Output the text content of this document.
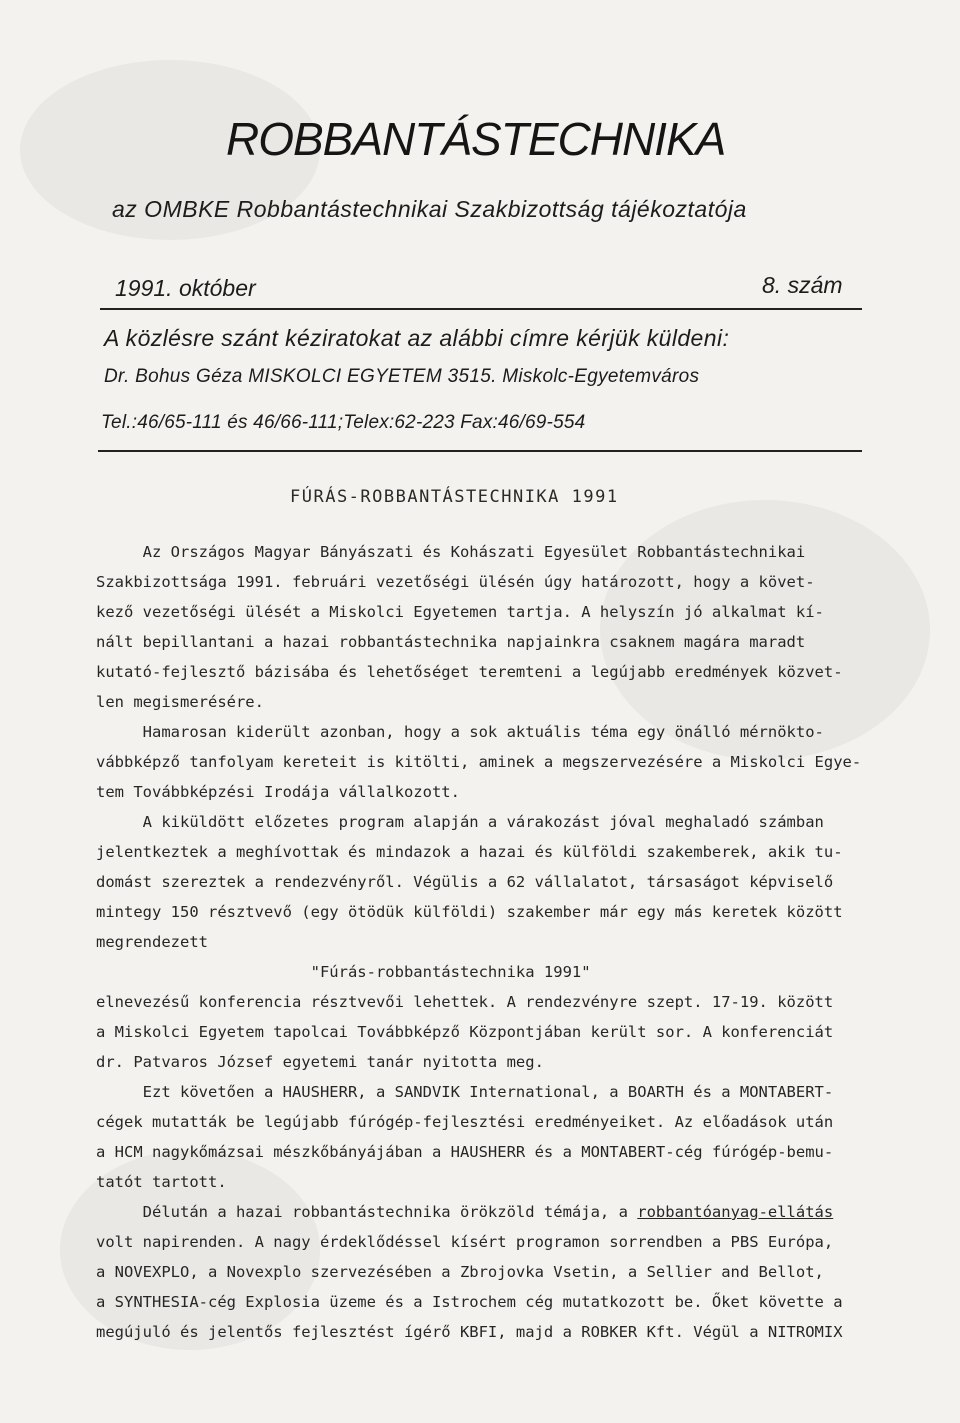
ROBBANTÁSTECHNIKA
az OMBKE Robbantástechnikai Szakbizottság tájékoztatója
1991. október	8. szám
A közlésre szánt kéziratokat az alábbi címre kérjük küldeni:
Dr. Bohus Géza MISKOLCI EGYETEM 3515. Miskolc-Egyetemváros
Tel.:46/65-111 és 46/66-111;Telex:62-223 Fax:46/69-554
FÚRÁS-ROBBANTÁSTECHNIKA 1991
Az Országos Magyar Bányászati és Kohászati Egyesület Robbantástechnikai
Szakbizottsága 1991. februári vezetőségi ülésén úgy határozott, hogy a követ-
kező vezetőségi ülését a Miskolci Egyetemen tartja. A helyszín jó alkalmat kí-
nált bepillantani a hazai robbantástechnika napjainkra csaknem magára maradt
kutató-fejlesztő bázisába és lehetőséget teremteni a legújabb eredmények közvet-
len megismerésére.
Hamarosan kiderült azonban, hogy a sok aktuális téma egy önálló mérnökto-
vábbképző tanfolyam kereteit is kitölti, aminek a megszervezésére a Miskolci Egye-
tem Továbbképzési Irodája vállalkozott.
A kiküldött előzetes program alapján a várakozást jóval meghaladó számban
jelentkeztek a meghívottak és mindazok a hazai és külföldi szakemberek, akik tu-
domást szereztek a rendezvényről. Végülis a 62 vállalatot, társaságot képviselő
mintegy 150 résztvevő (egy ötödük külföldi) szakember már egy más keretek között
megrendezett
"Fúrás-robbantástechnika 1991"
elnevezésű konferencia résztvevői lehettek. A rendezvényre szept. 17-19. között
a Miskolci Egyetem tapolcai Továbbképző Központjában került sor. A konferenciát
dr. Patvaros József egyetemi tanár nyitotta meg.
Ezt követően a HAUSHERR, a SANDVIK International, a BOARTH és a MONTABERT-
cégek mutatták be legújabb fúrógép-fejlesztési eredményeiket. Az előadások után
a HCM nagykőmázsai mészkőbányájában a HAUSHERR és a MONTABERT-cég fúrógép-bemu-
tatót tartott.
Délután a hazai robbantástechnika örökzöld témája, a robbantóanyag-ellátás
volt napirenden. A nagy érdeklődéssel kísért programon sorrendben a PBS Európa,
a NOVEXPLO, a Novexplo szervezésében a Zbrojovka Vsetin, a Sellier and Bellot,
a SYNTHESIA-cég Explosia üzeme és a Istrochem cég mutatkozott be. Őket követte a
megújuló és jelentős fejlesztést ígérő KBFI, majd a ROBKER Kft. Végül a NITROMIX
